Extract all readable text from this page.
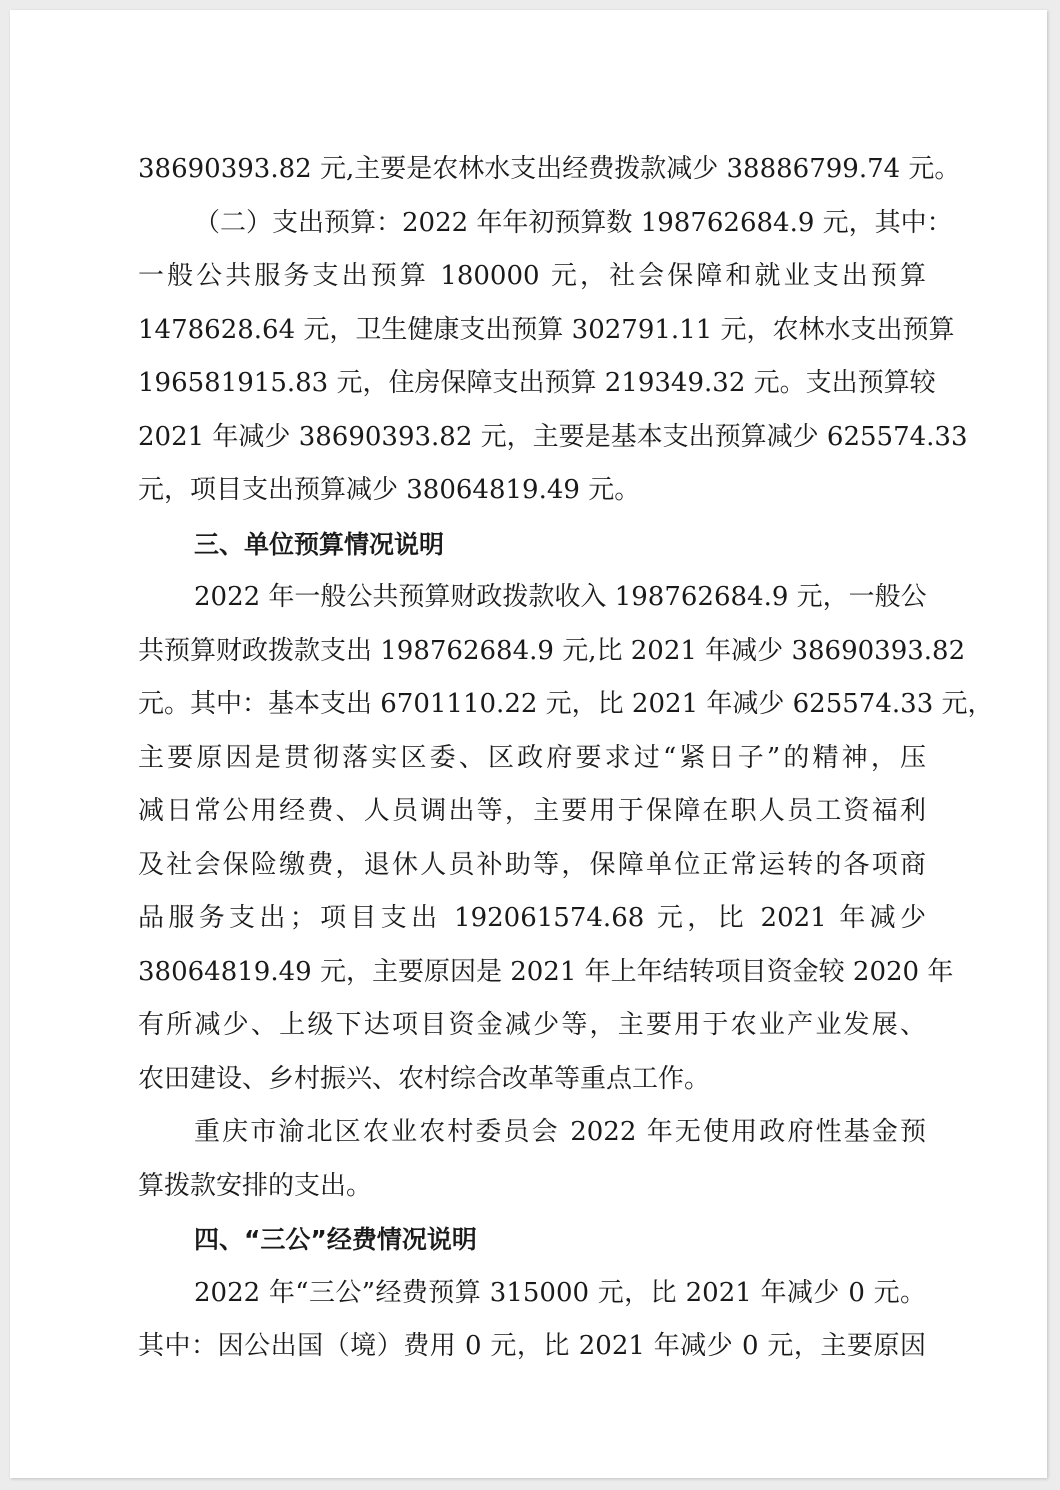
38690393.82 元,主要是农林水支出经费拨款减少 38886799.74 元。
（二）支出预算：2022 年年初预算数 198762684.9 元，其中：
一般公共服务支出预算 180000 元，社会保障和就业支出预算
1478628.64 元，卫生健康支出预算 302791.11 元，农林水支出预算
196581915.83 元，住房保障支出预算 219349.32 元。支出预算较
2021 年减少 38690393.82 元，主要是基本支出预算减少 625574.33
元，项目支出预算减少 38064819.49 元。
三、单位预算情况说明
2022 年一般公共预算财政拨款收入 198762684.9 元，一般公
共预算财政拨款支出 198762684.9 元,比 2021 年减少 38690393.82
元。其中：基本支出 6701110.22 元，比 2021 年减少 625574.33 元，
主要原因是贯彻落实区委、区政府要求过“紧日子”的精神，压
减日常公用经费、人员调出等，主要用于保障在职人员工资福利
及社会保险缴费，退休人员补助等，保障单位正常运转的各项商
品服务支出；项目支出 192061574.68 元，比 2021 年减少
38064819.49 元，主要原因是 2021 年上年结转项目资金较 2020 年
有所减少、上级下达项目资金减少等，主要用于农业产业发展、
农田建设、乡村振兴、农村综合改革等重点工作。
重庆市渝北区农业农村委员会 2022 年无使用政府性基金预
算拨款安排的支出。
四、“三公”经费情况说明
2022 年“三公”经费预算 315000 元，比 2021 年减少 0 元。
其中：因公出国（境）费用 0 元，比 2021 年减少 0 元，主要原因
